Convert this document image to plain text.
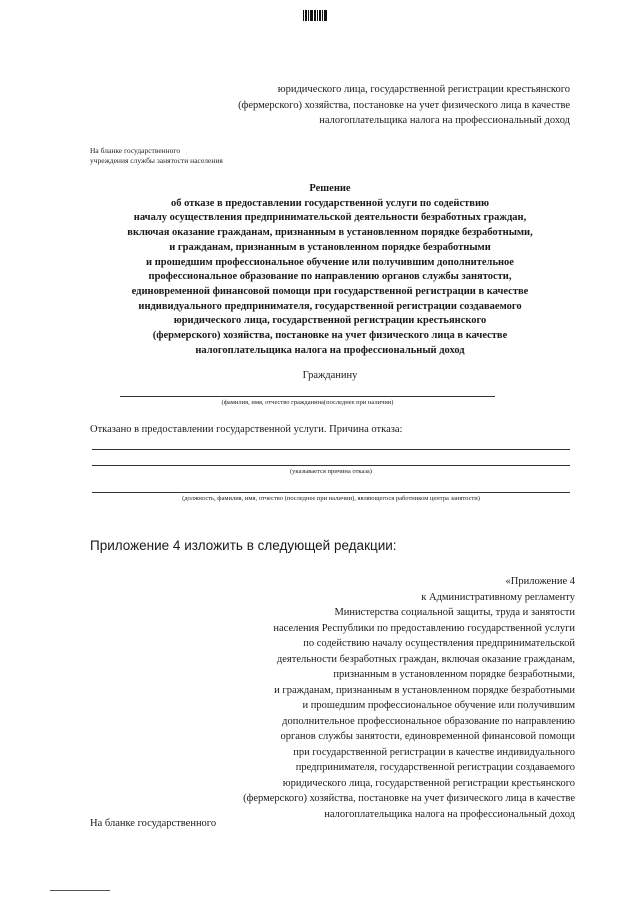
юридического лица, государственной регистрации крестьянского
(фермерского) хозяйства, постановке на учет физического лица в качестве
налогоплательщика налога на профессиональный доход
На бланке государственного
учреждения службы занятости населения
Решение
об отказе в предоставлении государственной услуги по содействию
началу осуществления предпринимательской деятельности безработных граждан,
включая оказание гражданам, признанным в установленном порядке безработными,
и гражданам, признанным в установленном порядке безработными
и прошедшим профессиональное обучение или получившим дополнительное
профессиональное образование по направлению органов службы занятости,
единовременной финансовой помощи при государственной регистрации в качестве
индивидуального предпринимателя, государственной регистрации создаваемого
юридического лица, государственной регистрации крестьянского
(фермерского) хозяйства, постановке на учет физического лица в качестве
налогоплательщика налога на профессиональный доход
Гражданину
(фамилия, имя, отчество гражданина(последнее при наличии)
Отказано в предоставлении государственной услуги. Причина отказа:
(указывается причина отказа)
(должность, фамилия, имя, отчество (последнее при наличии), являющегося работником центра занятости)
Приложение 4 изложить в следующей редакции:
«Приложение 4
к Административному регламенту
Министерства социальной защиты, труда и занятости
населения Республики по предоставлению государственной услуги
по содействию началу осуществления предпринимательской
деятельности безработных граждан, включая оказание гражданам,
признанным в установленном порядке безработными,
и гражданам, признанным в установленном порядке безработными
и прошедшим профессиональное обучение или получившим
дополнительное профессиональное образование по направлению
органов службы занятости, единовременной финансовой помощи
при государственной регистрации в качестве индивидуального
предпринимателя, государственной регистрации создаваемого
юридического лица, государственной регистрации крестьянского
(фермерского) хозяйства, постановке на учет физического лица в качестве
налогоплательщика налога на профессиональный доход
На бланке государственного
